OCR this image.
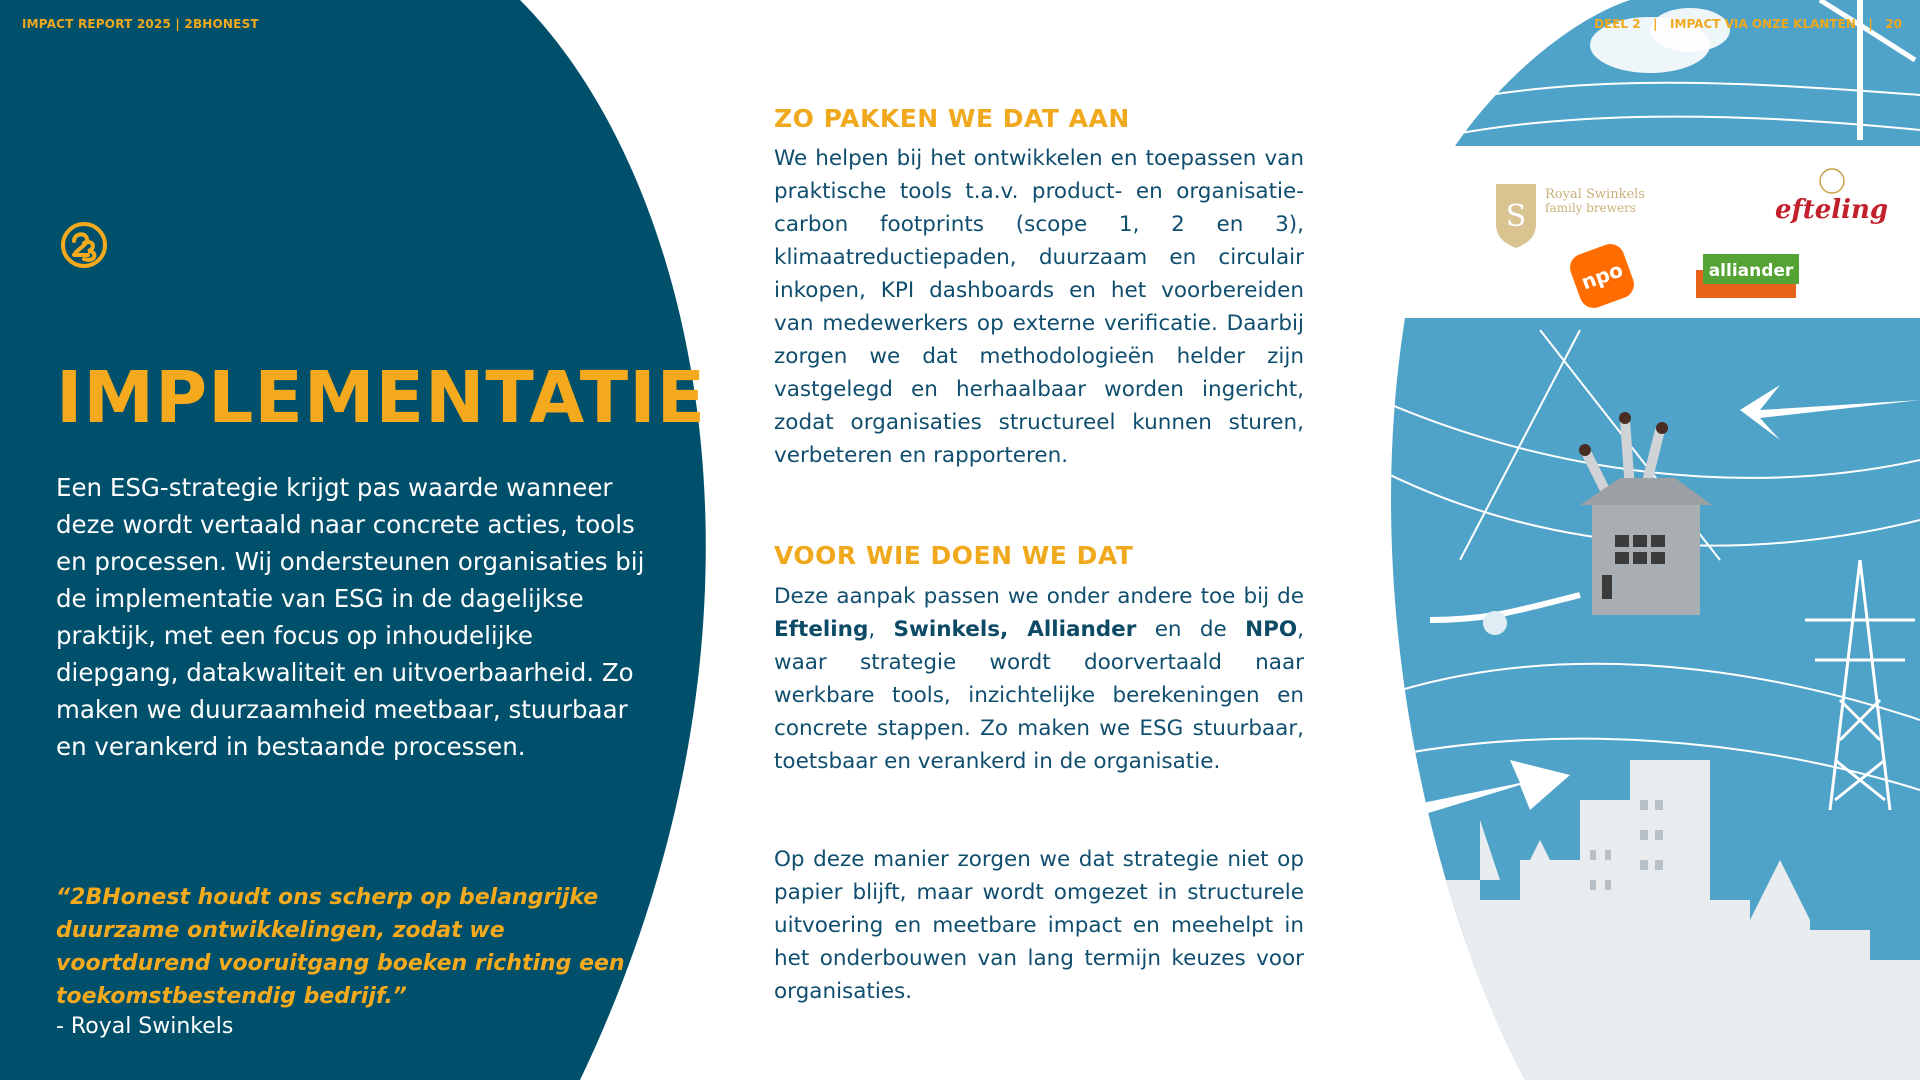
S
Royal Swinkels
family brewers	efteling
npo	alliander
IMPACT REPORT 2025 | 2BHONEST	DEEL 2   |   IMPACT VIA ONZE KLANTEN   |   20
IMPLEMENTATIE
Een ESG-strategie krijgt pas waarde wanneer deze wordt vertaald naar concrete acties, tools en processen. Wij ondersteunen organisaties bij de implementatie van ESG in de dagelijkse praktijk, met een focus op inhoudelijke diepgang, datakwaliteit en uitvoerbaarheid. Zo maken we duurzaamheid meetbaar, stuurbaar en verankerd in bestaande processen.
“2BHonest houdt ons scherp op belangrijke duurzame ontwikkelingen, zodat we voortdurend vooruitgang boeken richting een toekomstbestendig bedrijf.”
- Royal Swinkels
ZO PAKKEN WE DAT AAN
We helpen bij het ontwikkelen en toepassen van praktische tools t.a.v. product- en organisatie-carbon footprints (scope 1, 2 en 3), klimaatreductiepaden, duurzaam en circulair inkopen, KPI dashboards en het voorbereiden van medewerkers op externe verificatie. Daarbij zorgen we dat methodologieën helder zijn vastgelegd en herhaalbaar worden ingericht, zodat organisaties structureel kunnen sturen, verbeteren en rapporteren.
VOOR WIE DOEN WE DAT
Deze aanpak passen we onder andere toe bij de Efteling, Swinkels, Alliander en de NPO, waar strategie wordt doorvertaald naar werkbare tools, inzichtelijke berekeningen en concrete stappen. Zo maken we ESG stuurbaar, toetsbaar en verankerd in de organisatie.
Op deze manier zorgen we dat strategie niet op papier blijft, maar wordt omgezet in structurele uitvoering en meetbare impact en meehelpt in het onderbouwen van lang termijn keuzes voor organisaties.
